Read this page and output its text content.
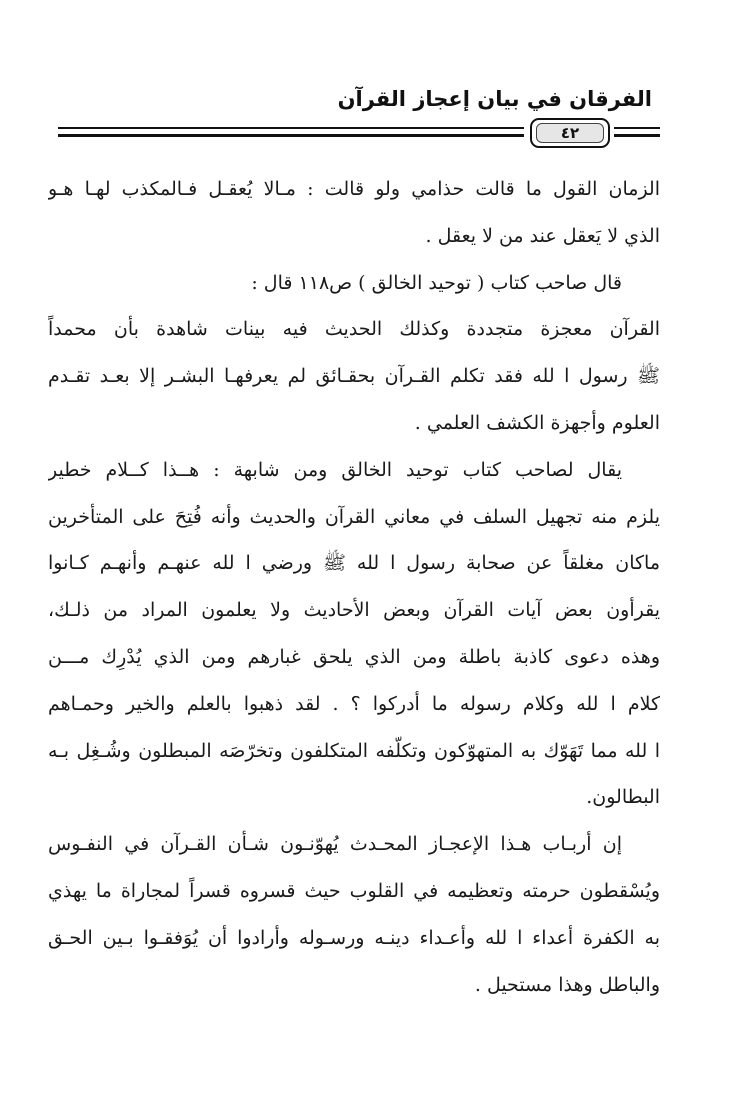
الفرقان في بيان إعجاز القرآن
٤٢
الزمان القول ما قالت حذامي ولو قالت : مـالا يُعقـل فـالمكذب لهـا هـو
الذي لا يَعقل عند من لا يعقل .
قال صاحب كتاب ( توحيد الخالق ) ص١١٨ قال :
القرآن معجزة متجددة وكذلك الحديث فيه بينات شاهدة بأن محمداً
ﷺ رسول ا لله فقد تكلم القـرآن بحقـائق لم يعرفهـا البشـر إلا بعـد تقـدم
العلوم وأجهزة الكشف العلمي .
يقال لصاحب كتاب توحيد الخالق ومن شابهة : هــذا كــلام خطير
يلزم منه تجهيل السلف في معاني القرآن والحديث وأنه فُتِحَ على المتأخرين
ماكان مغلقاً عن صحابة رسول ا لله ﷺ ورضي ا لله عنهـم وأنهـم كـانوا
يقرأون بعض آيات القرآن وبعض الأحاديث ولا يعلمون المراد من ذلـك،
وهذه دعوى كاذبة باطلة ومن الذي يلحق غبارهم ومن الذي يُدْرِك مـــن
كلام ا لله وكلام رسوله ما أدركوا ؟ . لقد ذهبوا بالعلم والخير وحمـاهم
ا لله مما تَهَوّك به المتهوّكون وتكلّفه المتكلفون وتخرّصَه المبطلون وشُـغِل بـه
البطالون.
إن أربـاب هـذا الإعجـاز المحـدث يُهوّنـون شـأن القـرآن في النفـوس
ويُسْقطون حرمته وتعظيمه في القلوب حيث قسروه قسراً لمجاراة ما يهذي
به الكفرة أعداء ا لله وأعـداء دينـه ورسـوله وأرادوا أن يُوَفقـوا بـين الحـق
والباطل وهذا مستحيل .
